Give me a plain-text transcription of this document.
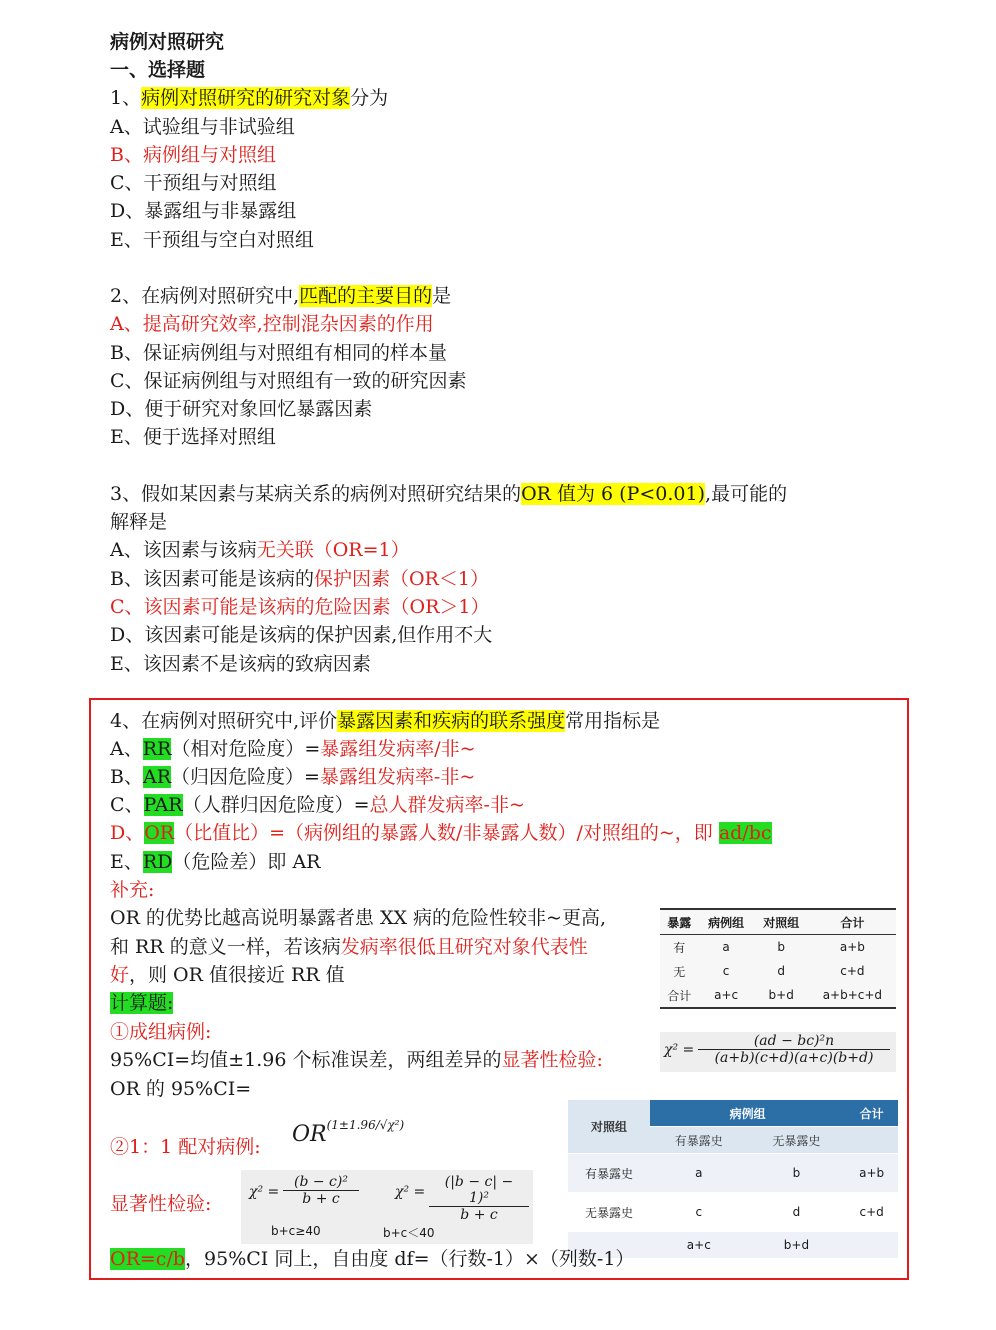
病例对照研究
一、选择题
1、病例对照研究的研究对象分为
A、试验组与非试验组
B、病例组与对照组
C、干预组与对照组
D、暴露组与非暴露组
E、干预组与空白对照组
2、在病例对照研究中,匹配的主要目的是
A、提高研究效率,控制混杂因素的作用
B、保证病例组与对照组有相同的样本量
C、保证病例组与对照组有一致的研究因素
D、便于研究对象回忆暴露因素
E、便于选择对照组
3、假如某因素与某病关系的病例对照研究结果的OR 值为 6 (P<0.01),最可能的
解释是
A、该因素与该病无关联（OR=1）
B、该因素可能是该病的保护因素（OR＜1）
C、该因素可能是该病的危险因素（OR＞1）
D、该因素可能是该病的保护因素,但作用不大
E、该因素不是该病的致病因素
4、在病例对照研究中,评价暴露因素和疾病的联系强度常用指标是
A、RR（相对危险度）=暴露组发病率/非~
B、AR（归因危险度）=暴露组发病率-非~
C、PAR（人群归因危险度）=总人群发病率-非~
D、OR（比值比）=（病例组的暴露人数/非暴露人数）/对照组的~，即 ad/bc
E、RD（危险差）即 AR
补充:
OR 的优势比越高说明暴露者患 XX 病的危险性较非~更高,
和 RR 的意义一样，若该病发病率很低且研究对象代表性
好，则 OR 值很接近 RR 值
计算题:
①成组病例:
95%CI=均值±1.96 个标准误差，两组差异的显著性检验:
OR 的 95%CI=
暴露	病例组	对照组	合计
有	a	b	a+b
无	c	d	c+d
合计	a+c	b+d	a+b+c+d
$\chi^2 = \frac{\text{(ad − bc)²n}}{(a+b)(c+d)(a+c)(b+d)}$
②1：1 配对病例: $OR^{(1\pm 1.96/√\chi^2)}$
显著性检验:
$\chi^2 = \frac{\text{(b − c)²}}{b + c}$	$\chi^2 = \frac{\text{(|b − c| − 1)²}}{b + c}$
b+c≥40	b+c＜40
对照组	病例组		合计
	有暴露史	无暴露史	
有暴露史	a	b	a+b
无暴露史	c	d	c+d
	a+c	b+d	
OR=c/b，95%CI 同上，自由度 df=（行数-1）×（列数-1）
